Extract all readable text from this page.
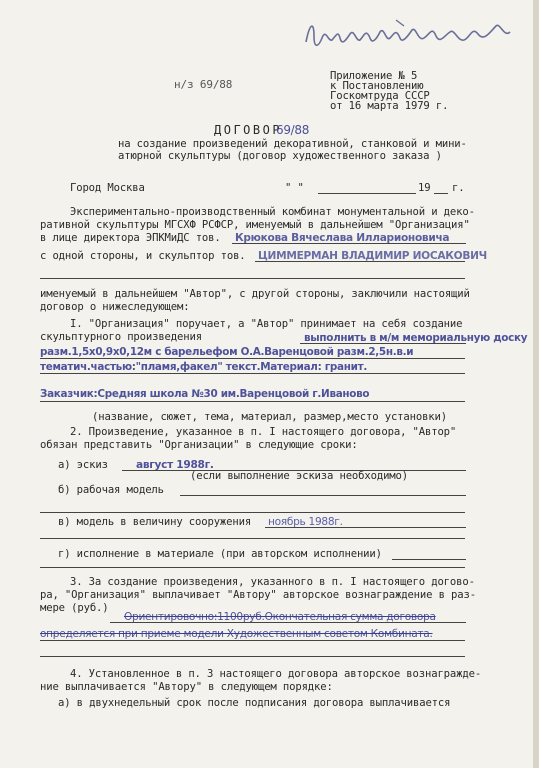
н/з 69/88
Приложение № 5
к Постановлению
Госкомтруда СССР
от 16 марта 1979 г.
ДОГОВОР
69/88
на создание произведений декоративной, станковой и мини-
атюрной скульптуры (договор художественного заказа )
Город Москва	" "	19 г.
Экспериментально-производственный комбинат монументальной и деко-
ративной скульптуры МГСХФ РСФСР, именуемый в дальнейшем "Организация"
в лице директора ЭПКМиДС тов. Крюкова Вячеслава Илларионовича
с одной стороны, и скульптор тов. ЦИММЕРМАН ВЛАДИМИР ИОСАКОВИЧ
именуемый в дальнейшем "Автор", с другой стороны, заключили настоящий
договор о нижеследующем:
I. "Организация" поручает, а "Автор" принимает на себя создание
скульптурного произведения	выполнить в м/м мемориальную доску
разм.1,5х0,9х0,12м с барельефом О.А.Варенцовой разм.2,5н.в.и
тематич.частью:"пламя,факел" текст.Материал: гранит.
Заказчик:Средняя школа №30 им.Варенцовой г.Иваново
(название, сюжет, тема, материал, размер,место установки)
2. Произведение, указанное в п. I настоящего договора, "Автор"
обязан представить "Организации" в следующие сроки:
а) эскиз	август 1988г.
(если выполнение эскиза необходимо)
б) рабочая модель
в) модель в величину сооружения ноябрь 1988г.
г) исполнение в материале (при авторском исполнении)
3. За создание произведения, указанного в п. I настоящего догово-
ра, "Организация" выплачивает "Автору" авторское вознаграждение в раз-
мере (руб.)
Ориентировочно:1100руб.Окончательная сумма договора
определяется при приеме модели Художественным советом Комбината.
4. Установленное в п. 3 настоящего договора авторское вознагражде-
ние выплачивается "Автору" в следующем порядке:
а) в двухнедельный срок после подписания договора выплачивается
